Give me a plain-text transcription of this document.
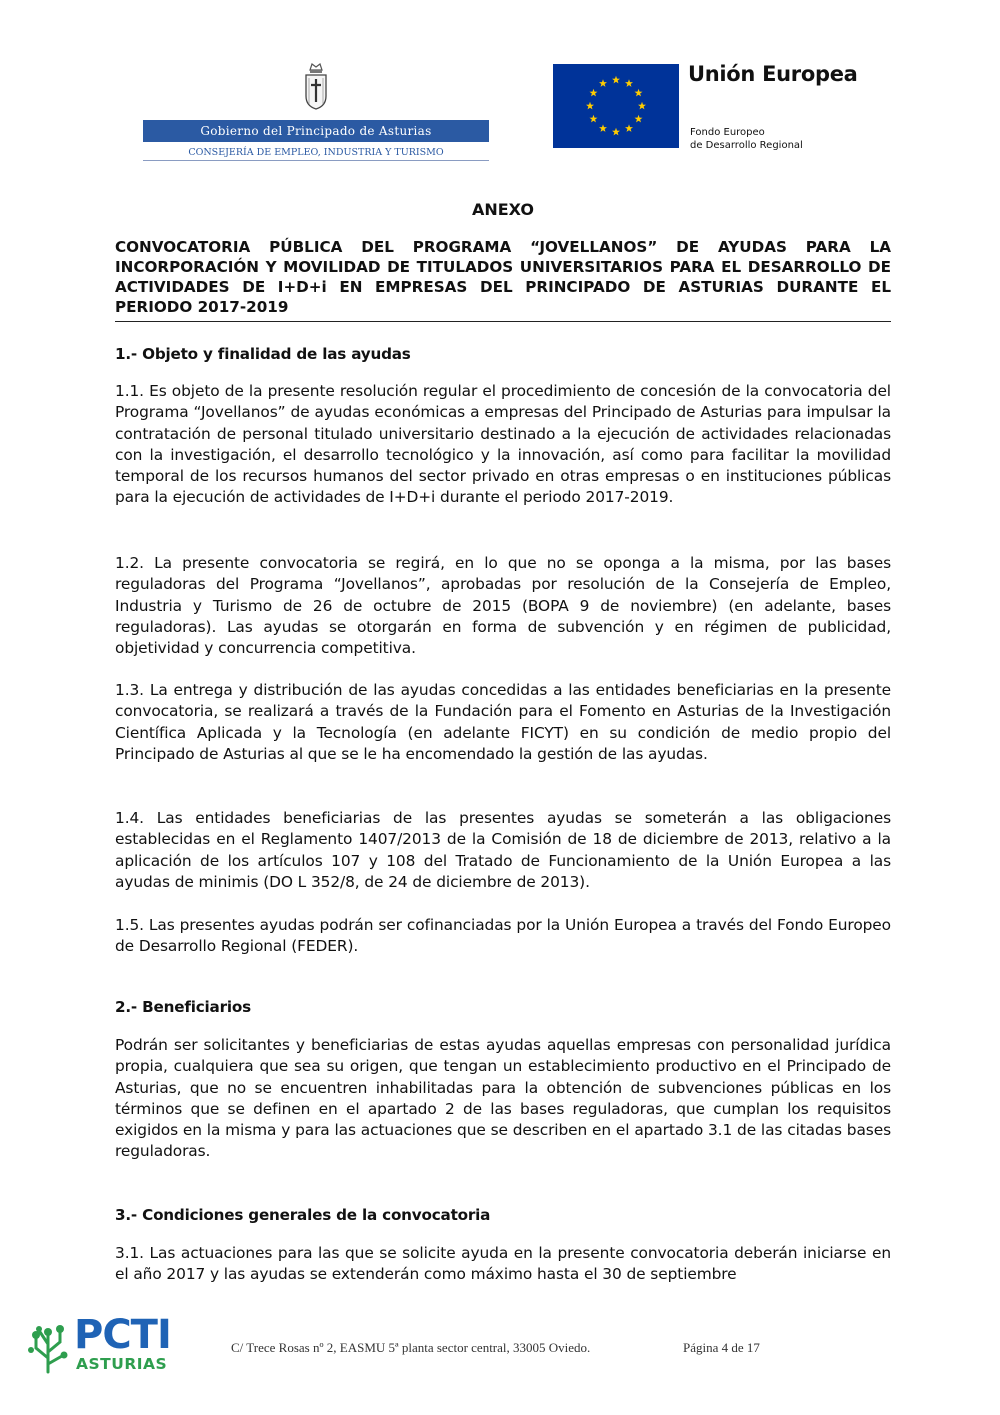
Gobierno del Principado de Asturias
CONSEJERÍA DE EMPLEO, INDUSTRIA Y TURISMO
Unión Europea
Fondo Europeo
de Desarrollo Regional
ANEXO
CONVOCATORIA PÚBLICA DEL PROGRAMA “JOVELLANOS” DE AYUDAS PARA LA INCORPORACIÓN Y MOVILIDAD DE TITULADOS UNIVERSITARIOS PARA EL DESARROLLO DE ACTIVIDADES DE I+D+i EN EMPRESAS DEL PRINCIPADO DE ASTURIAS DURANTE EL PERIODO 2017-2019
1.- Objeto y finalidad de las ayudas

1.1. Es objeto de la presente resolución regular el procedimiento de concesión de la convocatoria del Programa “Jovellanos” de ayudas económicas a empresas del Principado de Asturias para impulsar la contratación de personal titulado universitario destinado a la ejecución de actividades relacionadas con la investigación, el desarrollo tecnológico y la innovación, así como para facilitar la movilidad temporal de los recursos humanos del sector privado en otras empresas o en instituciones públicas para la ejecución de actividades de I+D+i durante el periodo 2017-2019.

1.2. La presente convocatoria se regirá, en lo que no se oponga a la misma, por las bases reguladoras del Programa “Jovellanos”, aprobadas por resolución de la Consejería de Empleo, Industria y Turismo de 26 de octubre de 2015 (BOPA 9 de noviembre) (en adelante, bases reguladoras). Las ayudas se otorgarán en forma de subvención y en régimen de publicidad, objetividad y concurrencia competitiva.

1.3. La entrega y distribución de las ayudas concedidas a las entidades beneficiarias en la presente convocatoria, se realizará a través de la Fundación para el Fomento en Asturias de la Investigación Científica Aplicada y la Tecnología (en adelante FICYT) en su condición de medio propio del Principado de Asturias al que se le ha encomendado la gestión de las ayudas.

1.4. Las entidades beneficiarias de las presentes ayudas se someterán a las obligaciones establecidas en el Reglamento 1407/2013 de la Comisión de 18 de diciembre de 2013, relativo a la aplicación de los artículos 107 y 108 del Tratado de Funcionamiento de la Unión Europea a las ayudas de minimis (DO L 352/8, de 24 de diciembre de 2013).

1.5. Las presentes ayudas podrán ser cofinanciadas por la Unión Europea a través del Fondo Europeo de Desarrollo Regional (FEDER).

2.- Beneficiarios

Podrán ser solicitantes y beneficiarias de estas ayudas aquellas empresas con personalidad jurídica propia, cualquiera que sea su origen, que tengan un establecimiento productivo en el Principado de Asturias, que no se encuentren inhabilitadas para la obtención de subvenciones públicas en los términos que se definen en el apartado 2 de las bases reguladoras, que cumplan los requisitos exigidos en la misma y para las actuaciones que se describen en el apartado 3.1 de las citadas bases reguladoras.

3.- Condiciones generales de la convocatoria

3.1. Las actuaciones para las que se solicite ayuda en la presente convocatoria deberán iniciarse en el año 2017 y las ayudas se extenderán como máximo hasta el 30 de septiembre

PCTI
ASTURIAS
C/ Trece Rosas nº 2, EASMU 5ª planta sector central, 33005 Oviedo.	Página 4 de 17
